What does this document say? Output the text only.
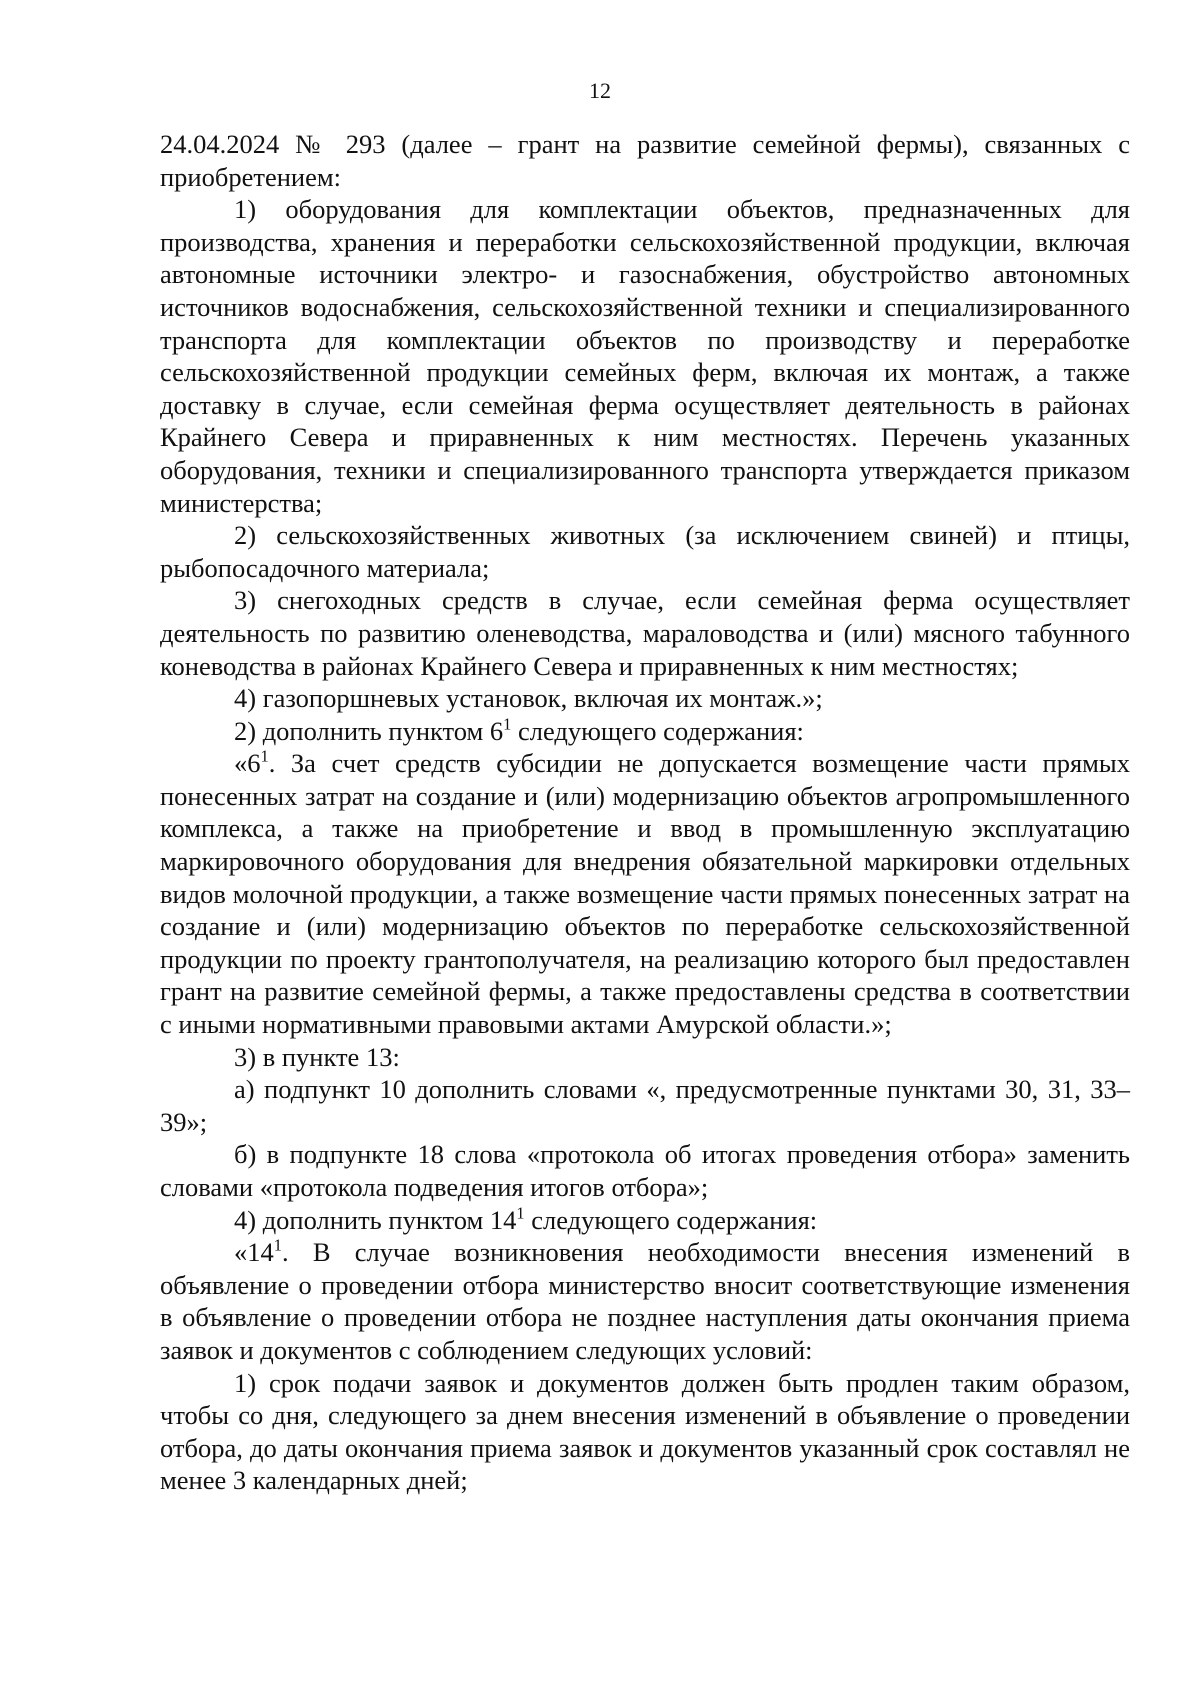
12

24.04.2024 № 293 (далее – грант на развитие семейной фермы), связанных с приобретением:

1) оборудования для комплектации объектов, предназначенных для производства, хранения и переработки сельскохозяйственной продукции, включая автономные источники электро- и газоснабжения, обустройство автономных источников водоснабжения, сельскохозяйственной техники и специализированного транспорта для комплектации объектов по производству и переработке сельскохозяйственной продукции семейных ферм, включая их монтаж, а также доставку в случае, если семейная ферма осуществляет деятельность в районах Крайнего Севера и приравненных к ним местностях. Перечень указанных оборудования, техники и специализированного транспорта утверждается приказом министерства;

2) сельскохозяйственных животных (за исключением свиней) и птицы, рыбопосадочного материала;

3) снегоходных средств в случае, если семейная ферма осуществляет деятельность по развитию оленеводства, мараловодства и (или) мясного табунного коневодства в районах Крайнего Севера и приравненных к ним местностях;

4) газопоршневых установок, включая их монтаж.»;

2) дополнить пунктом $6^1$ следующего содержания:

«$6^1$. За счет средств субсидии не допускается возмещение части прямых понесенных затрат на создание и (или) модернизацию объектов агропромышленного комплекса, а также на приобретение и ввод в промышленную эксплуатацию маркировочного оборудования для внедрения обязательной маркировки отдельных видов молочной продукции, а также возмещение части прямых понесенных затрат на создание и (или) модернизацию объектов по переработке сельскохозяйственной продукции по проекту грантополучателя, на реализацию которого был предоставлен грант на развитие семейной фермы, а также предоставлены средства в соответствии с иными нормативными правовыми актами Амурской области.»;

3) в пункте 13:

а) подпункт 10 дополнить словами «, предусмотренные пунктами 30, 31, 33–39»;

б) в подпункте 18 слова «протокола об итогах проведения отбора» заменить словами «протокола подведения итогов отбора»;

4) дополнить пунктом $14^1$ следующего содержания:

«$14^1$. В случае возникновения необходимости внесения изменений в объявление о проведении отбора министерство вносит соответствующие изменения в объявление о проведении отбора не позднее наступления даты окончания приема заявок и документов с соблюдением следующих условий:

1) срок подачи заявок и документов должен быть продлен таким образом, чтобы со дня, следующего за днем внесения изменений в объявление о проведении отбора, до даты окончания приема заявок и документов указанный срок составлял не менее 3 календарных дней;
